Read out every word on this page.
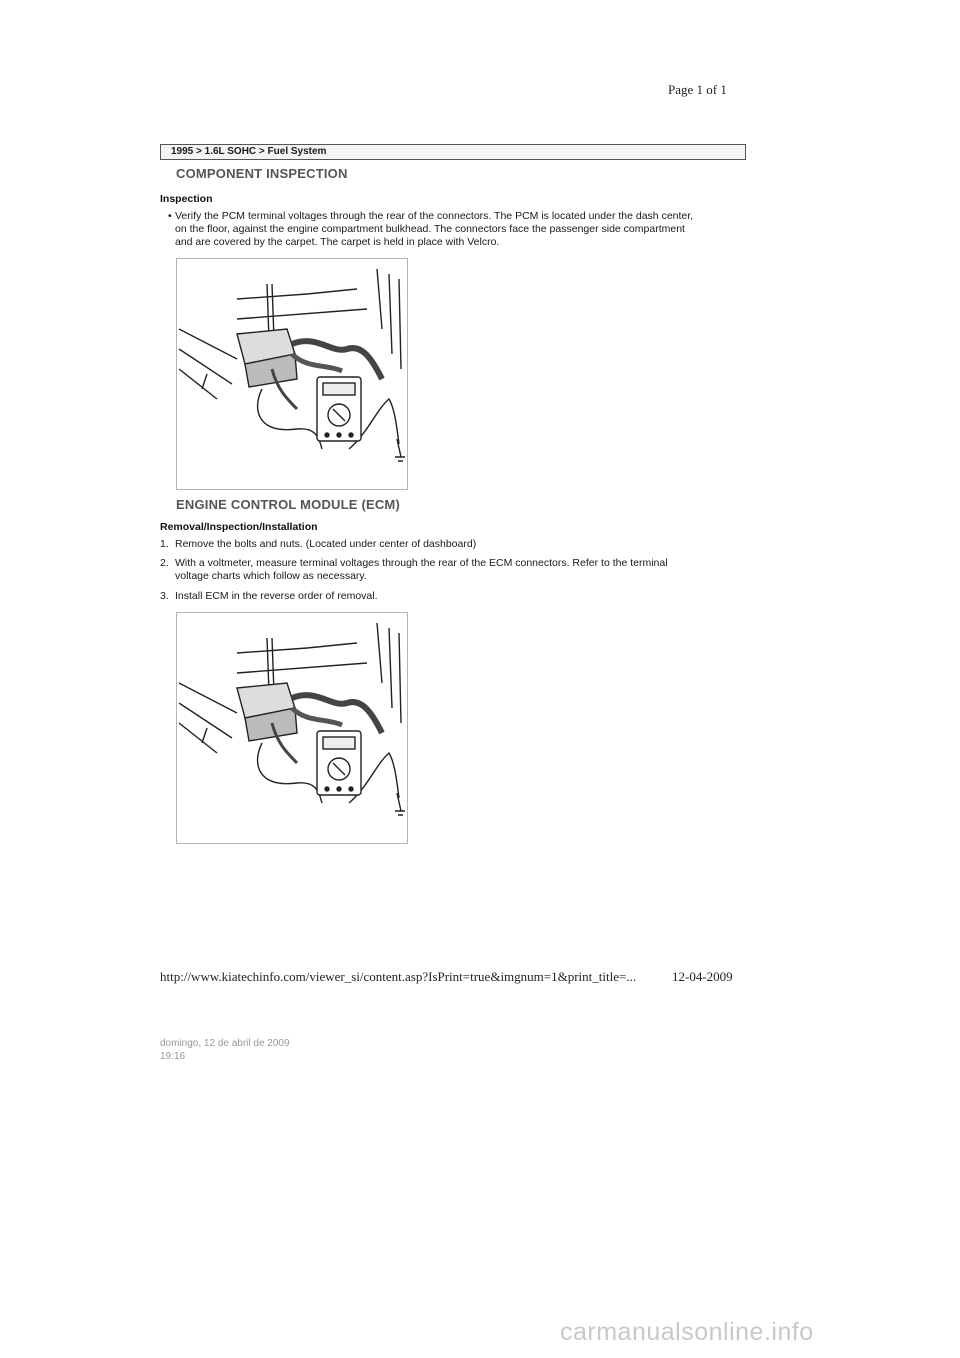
Page 1 of 1
1995 > 1.6L SOHC > Fuel System
COMPONENT INSPECTION
Inspection
• Verify the PCM terminal voltages through the rear of the connectors. The PCM is located under the dash center,
on the floor, against the engine compartment bulkhead. The connectors face the passenger side compartment
and are covered by the carpet. The carpet is held in place with Velcro.
ENGINE CONTROL MODULE (ECM)
Removal/Inspection/Installation
1. Remove the bolts and nuts. (Located under center of dashboard)
2. With a voltmeter, measure terminal voltages through the rear of the ECM connectors. Refer to the terminal
voltage charts which follow as necessary.
3. Install ECM in the reverse order of removal.
http://www.kiatechinfo.com/viewer_si/content.asp?IsPrint=true&imgnum=1&print_title=...	12-04-2009
domingo, 12 de abril de 2009
19:16
carmanualsonline.info
